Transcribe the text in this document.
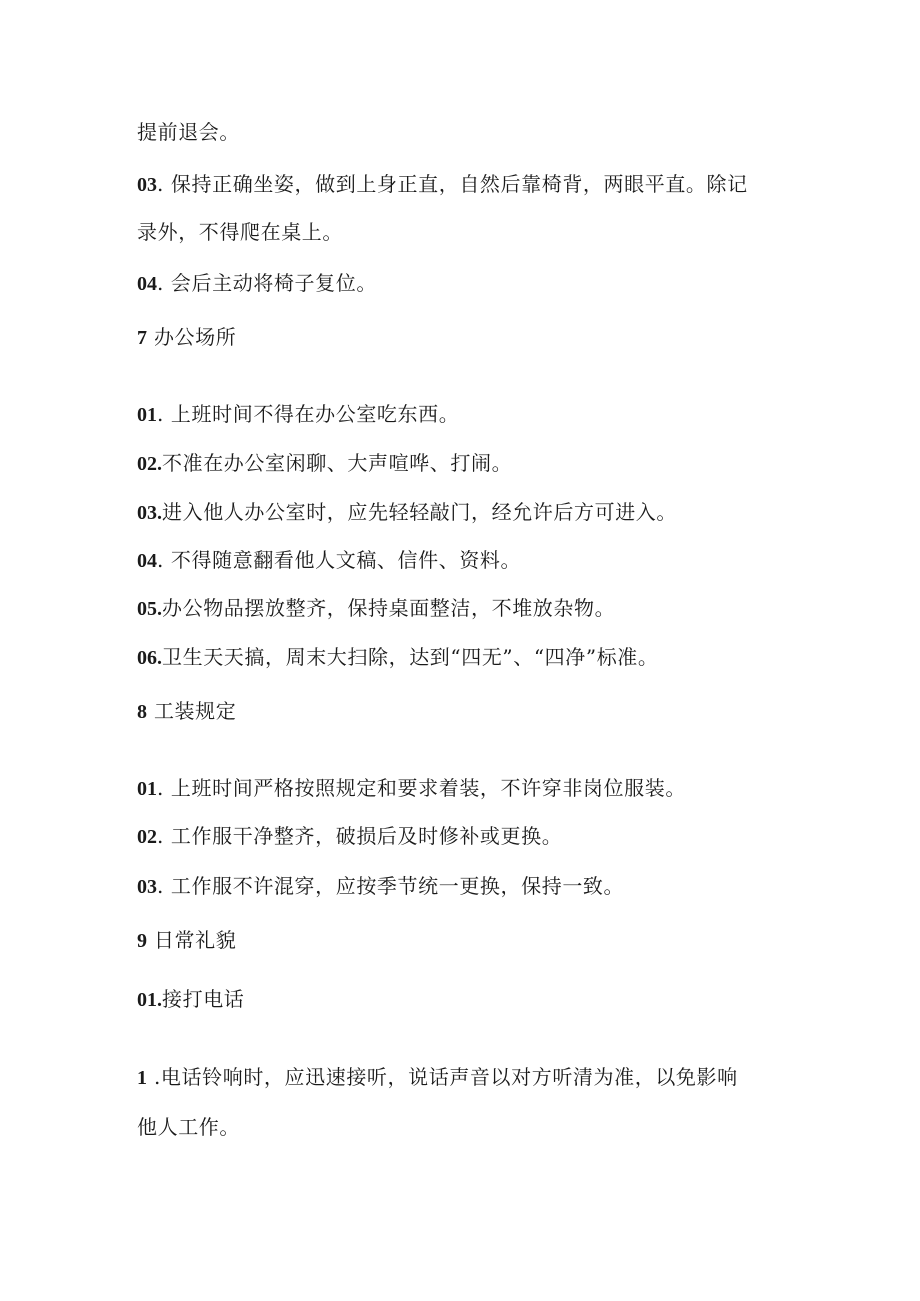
提前退会。
03. 保持正确坐姿，做到上身正直，自然后靠椅背，两眼平直。除记
录外，不得爬在桌上。
04. 会后主动将椅子复位。
7 办公场所
01. 上班时间不得在办公室吃东西。
02.不准在办公室闲聊、大声喧哗、打闹。
03.进入他人办公室时，应先轻轻敲门，经允许后方可进入。
04. 不得随意翻看他人文稿、信件、资料。
05.办公物品摆放整齐，保持桌面整洁，不堆放杂物。
06.卫生天天搞，周末大扫除，达到“四无”、“四净”标准。
8 工装规定
01. 上班时间严格按照规定和要求着装，不许穿非岗位服装。
02. 工作服干净整齐，破损后及时修补或更换。
03. 工作服不许混穿，应按季节统一更换，保持一致。
9 日常礼貌
01.接打电话
1 .电话铃响时，应迅速接听，说话声音以对方听清为准，以免影响
他人工作。
